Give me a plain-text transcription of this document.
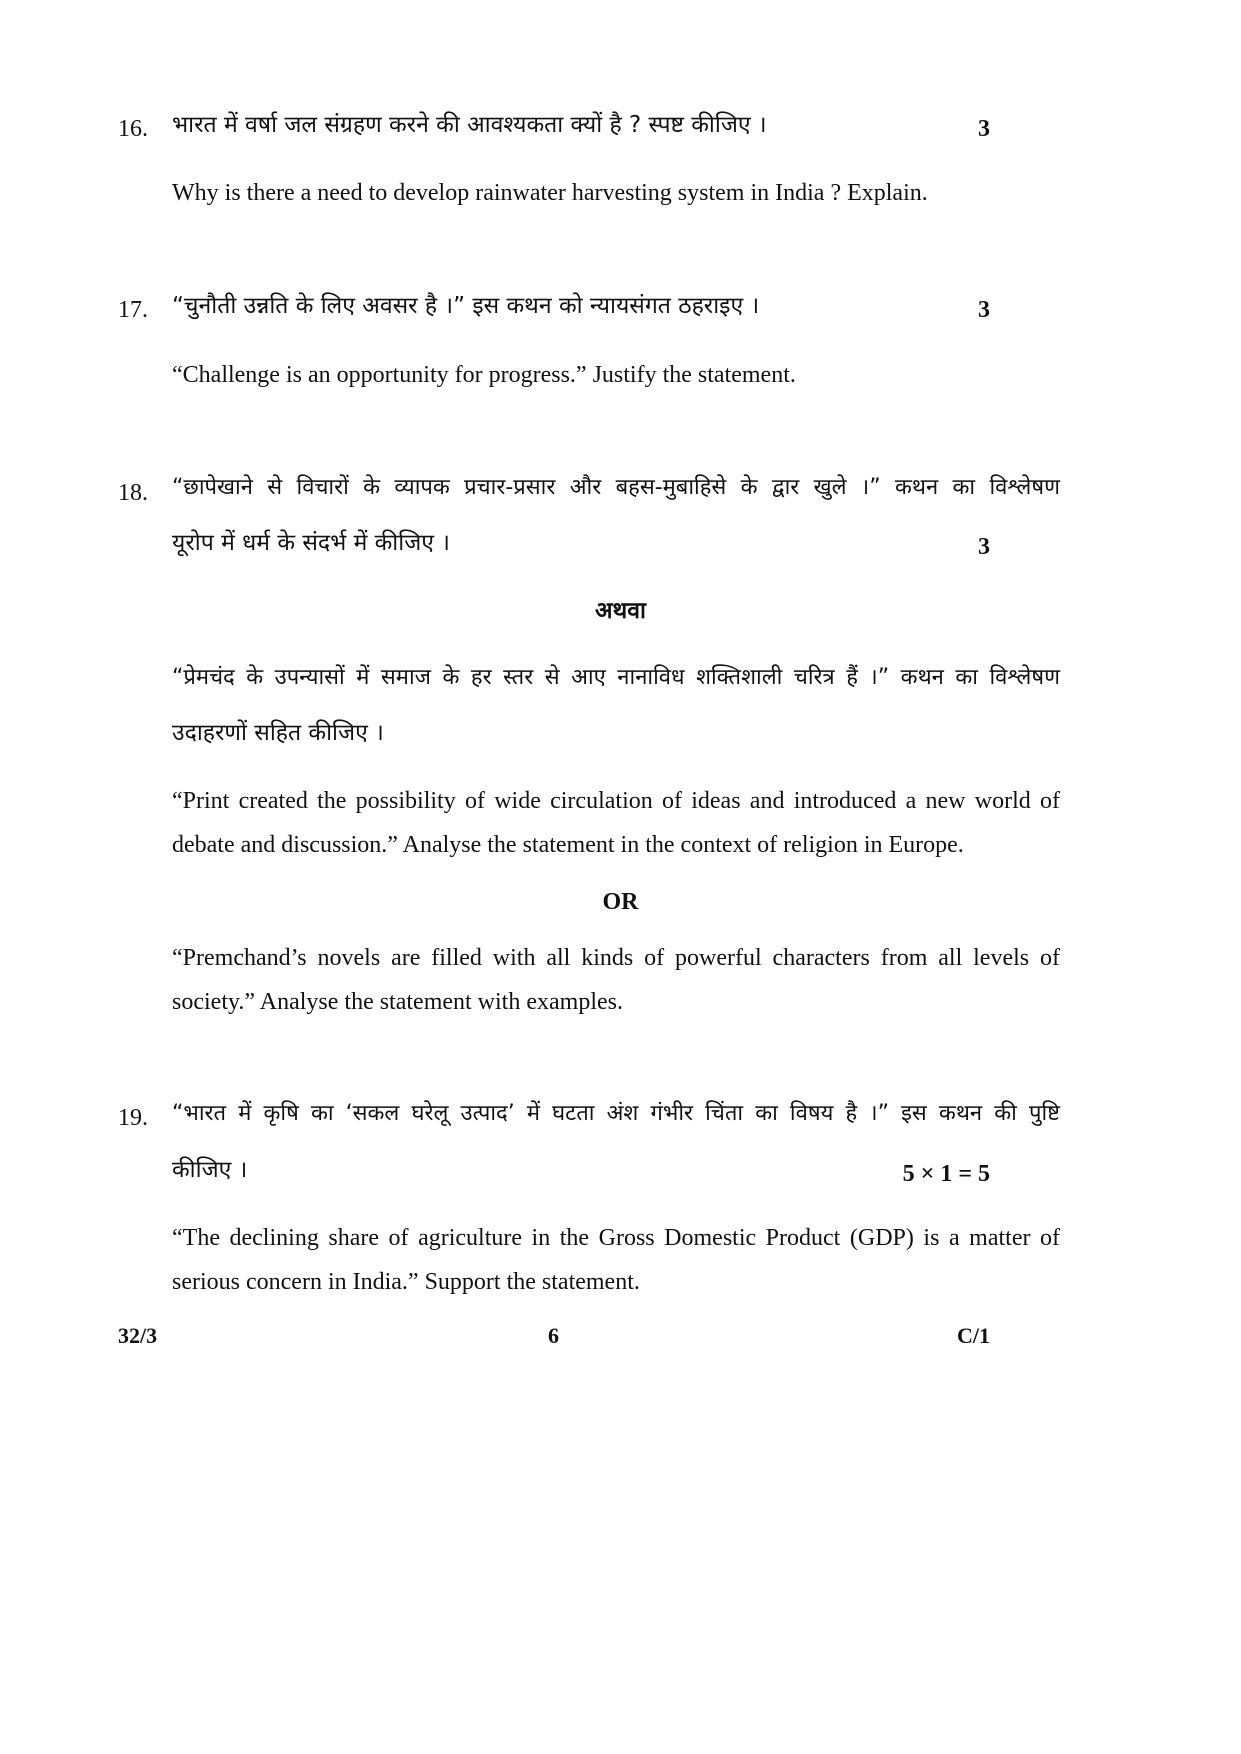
16. भारत में वर्षा जल संग्रहण करने की आवश्यकता क्यों है ? स्पष्ट कीजिए ।	3
Why is there a need to develop rainwater harvesting system in India ? Explain.
17. “चुनौती उन्नति के लिए अवसर है ।” इस कथन को न्यायसंगत ठहराइए ।	3
“Challenge is an opportunity for progress.” Justify the statement.
18. “छापेखाने से विचारों के व्यापक प्रचार-प्रसार और बहस-मुबाहिसे के द्वार खुले ।” कथन का विश्लेषण
यूरोप में धर्म के संदर्भ में कीजिए ।	3
अथवा
“प्रेमचंद के उपन्यासों में समाज के हर स्तर से आए नानाविध शक्तिशाली चरित्र हैं ।” कथन का विश्लेषण
उदाहरणों सहित कीजिए ।
“Print created the possibility of wide circulation of ideas and introduced a new world of
debate and discussion.” Analyse the statement in the context of religion in Europe.
OR
“Premchand’s novels are filled with all kinds of powerful characters from all levels of
society.” Analyse the statement with examples.
19. “भारत में कृषि का ‘सकल घरेलू उत्पाद’ में घटता अंश गंभीर चिंता का विषय है ।” इस कथन की पुष्टि
कीजिए ।	5 × 1 = 5
“The declining share of agriculture in the Gross Domestic Product (GDP) is a matter of
serious concern in India.” Support the statement.
32/3	6	C/1
